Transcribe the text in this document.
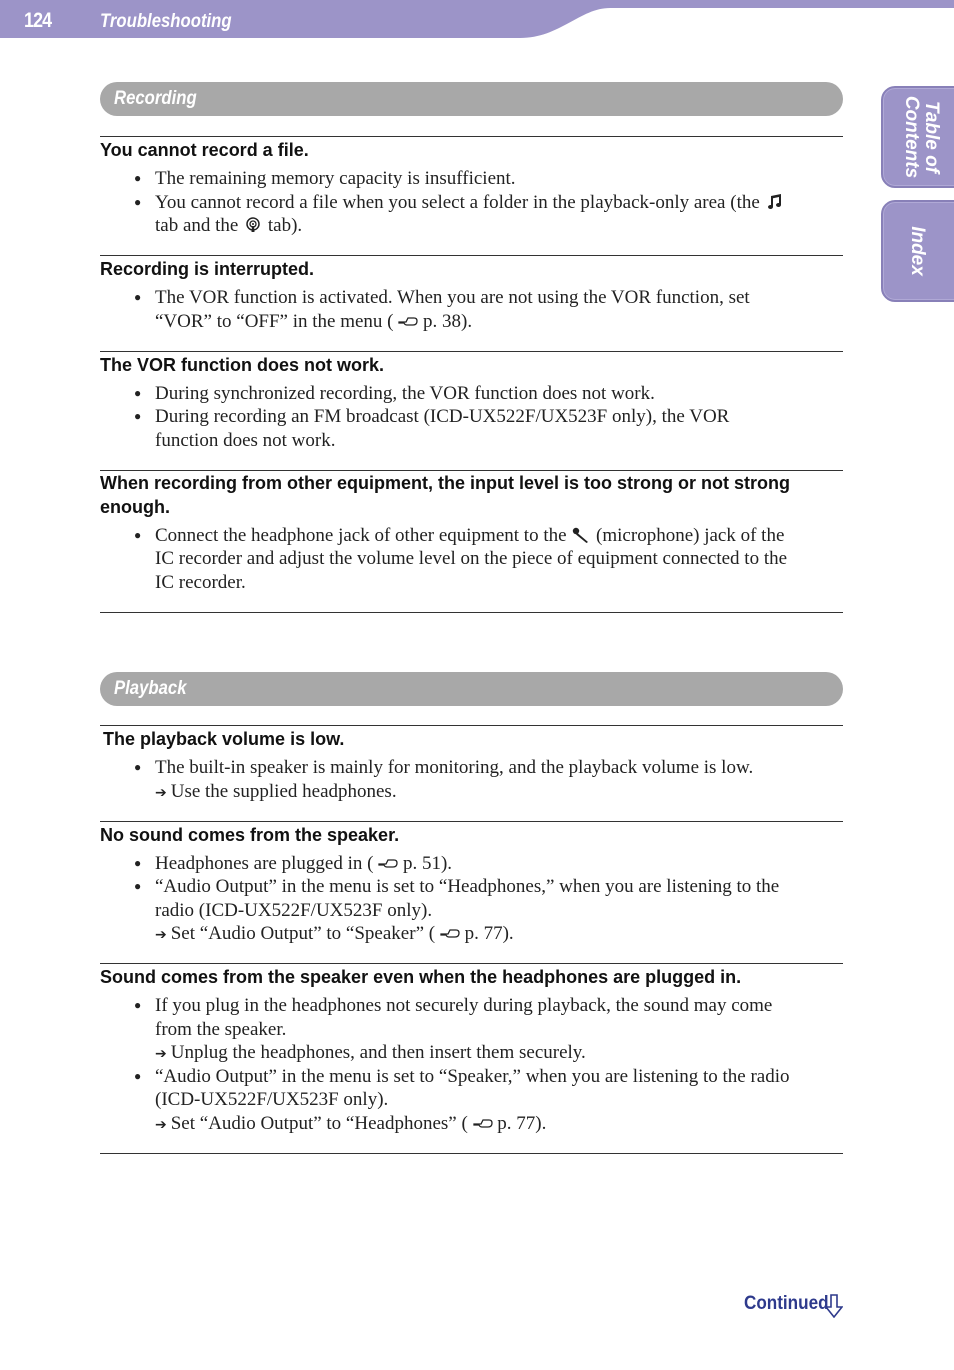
124	Troubleshooting
Table of
Contents
Index
Recording
You cannot record a file.
● The remaining memory capacity is insufficient.
● You cannot record a file when you select a folder in the playback-only area (the
tab and the tab).
Recording is interrupted.
● The VOR function is activated. When you are not using the VOR function, set
“VOR” to “OFF” in the menu ( p. 38).
The VOR function does not work.
● During synchronized recording, the VOR function does not work.
● During recording an FM broadcast (ICD-UX522F/UX523F only), the VOR
function does not work.
When recording from other equipment, the input level is too strong or not strong
enough.
● Connect the headphone jack of other equipment to the (microphone) jack of the
IC recorder and adjust the volume level on the piece of equipment connected to the
IC recorder.
Playback
The playback volume is low.
● The built-in speaker is mainly for monitoring, and the playback volume is low.
➔ Use the supplied headphones.
No sound comes from the speaker.
● Headphones are plugged in ( p. 51).
● “Audio Output” in the menu is set to “Headphones,” when you are listening to the
radio (ICD-UX522F/UX523F only).
➔ Set “Audio Output” to “Speaker” ( p. 77).
Sound comes from the speaker even when the headphones are plugged in.
● If you plug in the headphones not securely during playback, the sound may come
from the speaker.
➔ Unplug the headphones, and then insert them securely.
● “Audio Output” in the menu is set to “Speaker,” when you are listening to the radio
(ICD-UX522F/UX523F only).
➔ Set “Audio Output” to “Headphones” ( p. 77).
Continued
